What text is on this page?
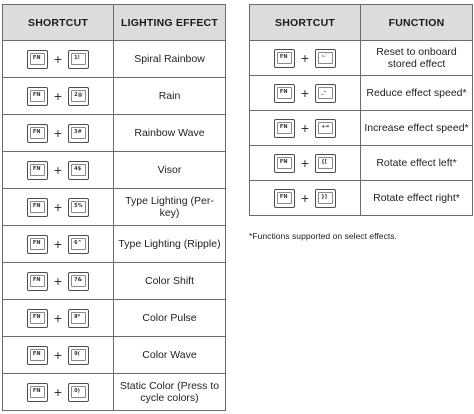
SHORTCUT	LIGHTING EFFECT

FN + 1!	Spiral Rainbow

FN + 2@	Rain

FN + 3#	Rainbow Wave

FN + 4$	Visor

FN + 5%	Type Lighting (Per-key)

FN + 6^	Type Lighting (Ripple)

FN + 7&	Color Shift

FN + 8*	Color Pulse

FN + 9(	Color Wave

FN + 0)	Static Color (Press to cycle colors)
SHORTCUT	FUNCTION

FN + ~`	Reset to onboard stored effect

FN + _–	Reduce effect speed*

FN + +=	Increase effect speed*

FN + {[	Rotate effect left*

FN + }]	Rotate effect right*
*Functions supported on select effects.
